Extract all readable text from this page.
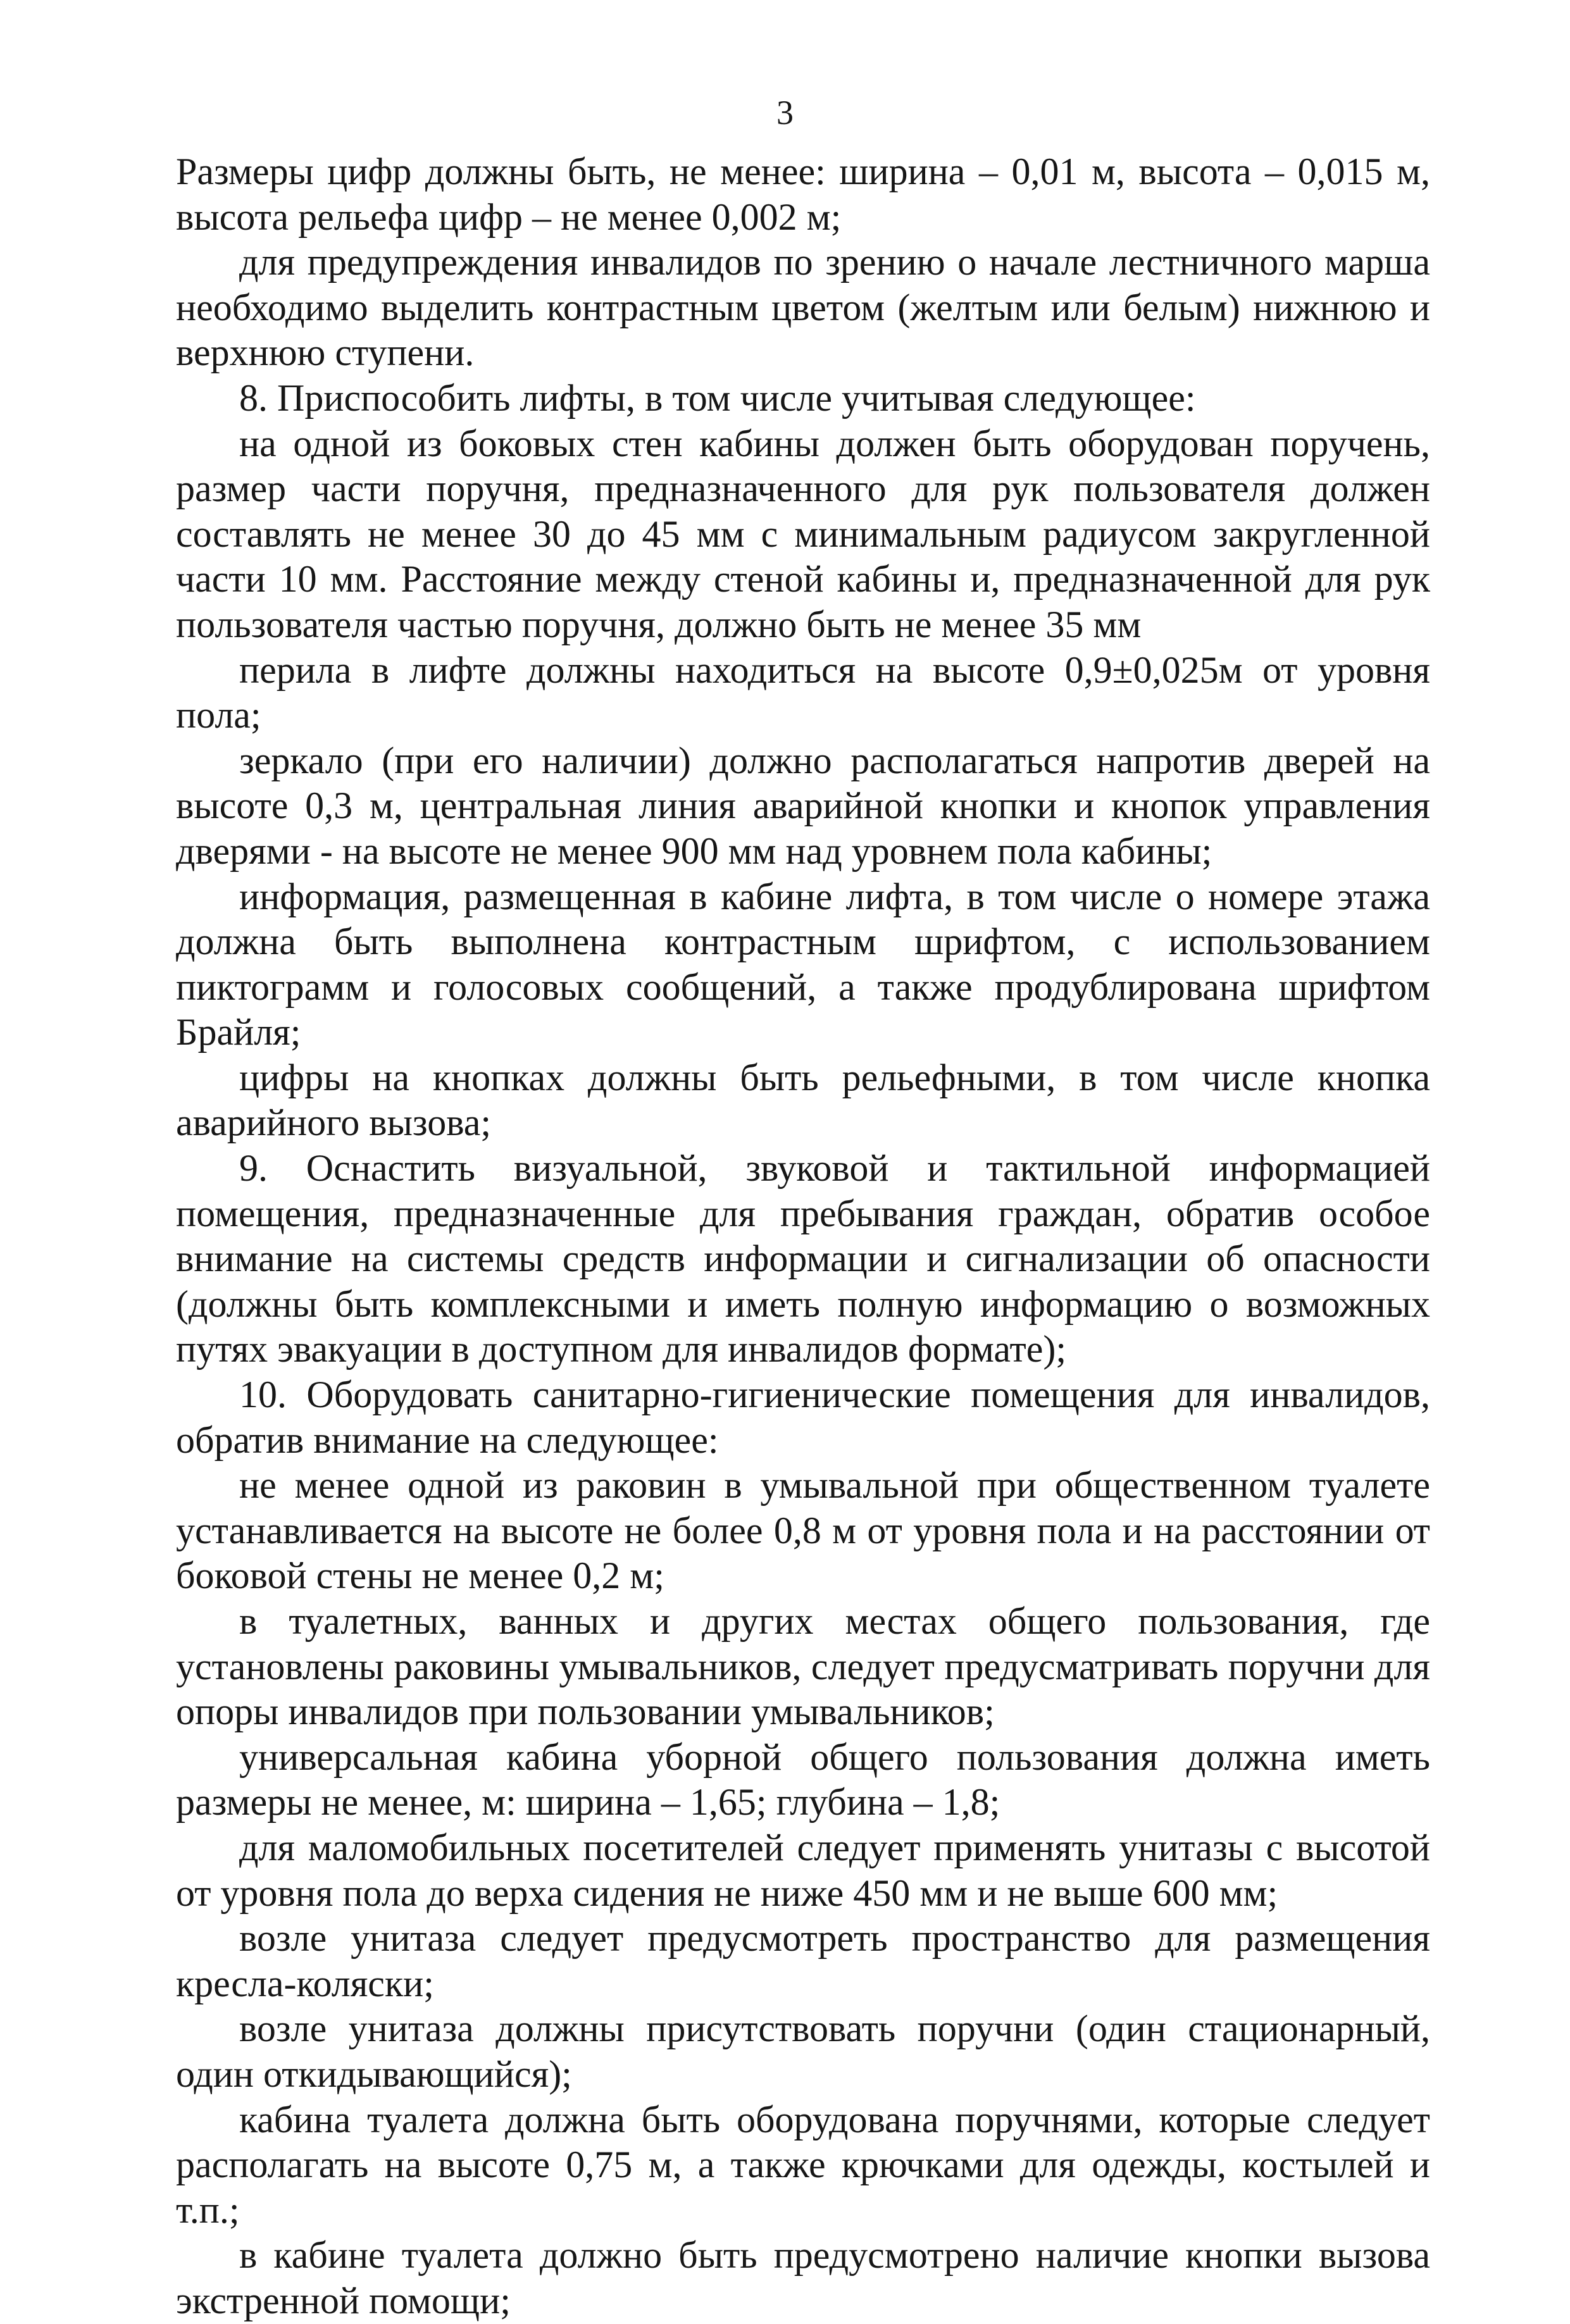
3

Размеры цифр должны быть, не менее: ширина – 0,01 м, высота – 0,015 м, высота рельефа цифр – не менее 0,002 м;

для предупреждения инвалидов по зрению о начале лестничного марша необходимо выделить контрастным цветом (желтым или белым) нижнюю и верхнюю ступени.

8. Приспособить лифты, в том числе учитывая следующее:

на одной из боковых стен кабины должен быть оборудован поручень, размер части поручня, предназначенного для рук пользователя должен составлять не менее 30 до 45 мм с минимальным радиусом закругленной части 10 мм. Расстояние между стеной кабины и, предназначенной для рук пользователя частью поручня, должно быть не менее 35 мм

перила в лифте должны находиться на высоте 0,9±0,025м от уровня пола;

зеркало (при его наличии) должно располагаться напротив дверей на высоте 0,3 м, центральная линия аварийной кнопки и кнопок управления дверями - на высоте не менее 900 мм над уровнем пола кабины;

информация, размещенная в кабине лифта, в том числе о номере этажа должна быть выполнена контрастным шрифтом, с использованием пиктограмм и голосовых сообщений, а также продублирована шрифтом Брайля;

цифры на кнопках должны быть рельефными, в том числе кнопка аварийного вызова;

9. Оснастить визуальной, звуковой и тактильной информацией помещения, предназначенные для пребывания граждан, обратив особое внимание на системы средств информации и сигнализации об опасности (должны быть комплексными и иметь полную информацию о возможных путях эвакуации в доступном для инвалидов формате);

10. Оборудовать санитарно-гигиенические помещения для инвалидов, обратив внимание на следующее:

не менее одной из раковин в умывальной при общественном туалете устанавливается на высоте не более 0,8 м от уровня пола и на расстоянии от боковой стены не менее 0,2 м;

в туалетных, ванных и других местах общего пользования, где установлены раковины умывальников, следует предусматривать поручни для опоры инвалидов при пользовании умывальников;

универсальная кабина уборной общего пользования должна иметь размеры не менее, м: ширина – 1,65; глубина – 1,8;

для маломобильных посетителей следует применять унитазы с высотой от уровня пола до верха сидения не ниже 450 мм и не выше 600 мм;

возле унитаза следует предусмотреть пространство для размещения кресла-коляски;

возле унитаза должны присутствовать поручни (один стационарный, один откидывающийся);

кабина туалета должна быть оборудована поручнями, которые следует располагать на высоте 0,75 м, а также крючками для одежды, костылей и т.п.;

в кабине туалета должно быть предусмотрено наличие кнопки вызова экстренной помощи;
